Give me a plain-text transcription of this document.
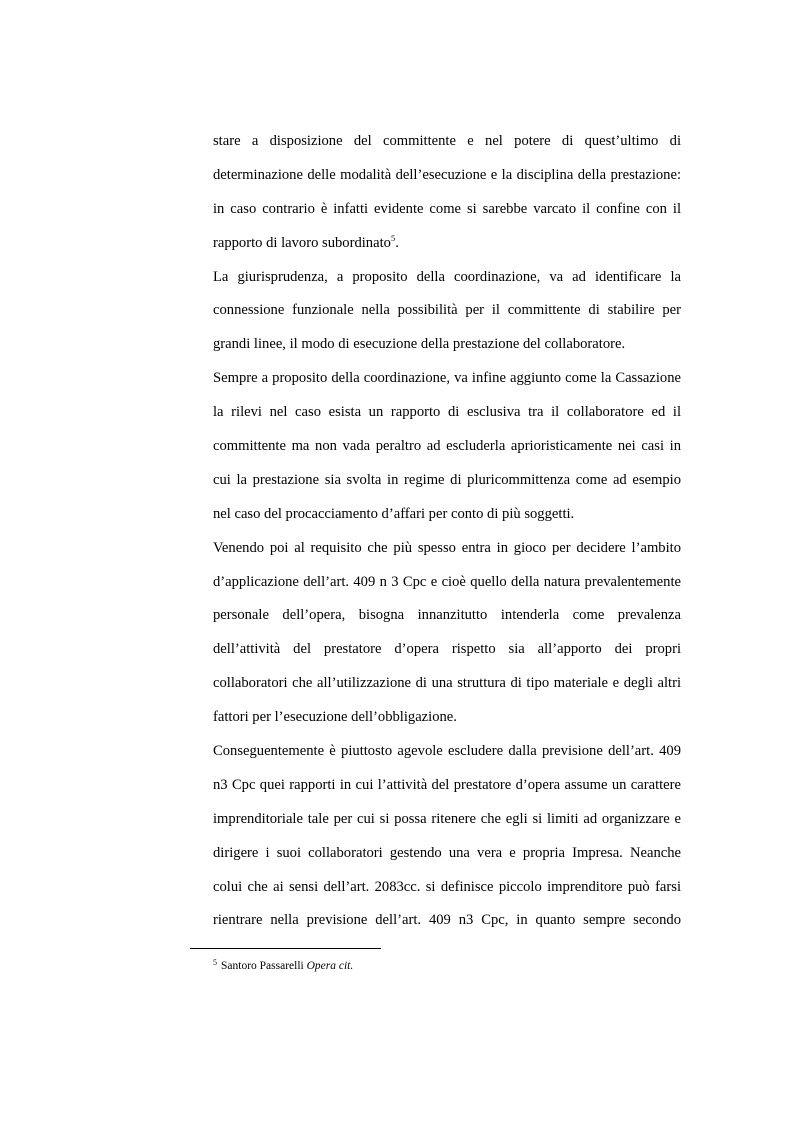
stare a disposizione del committente e nel potere di quest’ultimo di
determinazione delle modalità dell’esecuzione e la disciplina della prestazione:
in caso contrario è infatti evidente come si sarebbe varcato il confine con il
rapporto di lavoro subordinato$^5$.
La giurisprudenza, a proposito della coordinazione, va ad identificare la
connessione funzionale nella possibilità per il committente di stabilire per
grandi linee, il modo di esecuzione della prestazione del collaboratore.
Sempre a proposito della coordinazione, va infine aggiunto come la Cassazione
la rilevi nel caso esista un rapporto di esclusiva tra il collaboratore ed il
committente ma non vada peraltro ad escluderla aprioristicamente nei casi in
cui la prestazione sia svolta in regime di pluricommittenza come ad esempio
nel caso del procacciamento d’affari per conto di più soggetti.
Venendo poi al requisito che più spesso entra in gioco per decidere l’ambito
d’applicazione dell’art. 409 n 3 Cpc e cioè quello della natura prevalentemente
personale dell’opera, bisogna innanzitutto intenderla come prevalenza
dell’attività del prestatore d’opera rispetto sia all’apporto dei propri
collaboratori che all’utilizzazione di una struttura di tipo materiale e degli altri
fattori per l’esecuzione dell’obbligazione.
Conseguentemente è piuttosto agevole escludere dalla previsione dell’art. 409
n3 Cpc quei rapporti in cui l’attività del prestatore d’opera assume un carattere
imprenditoriale tale per cui si possa ritenere che egli si limiti ad organizzare e
dirigere i suoi collaboratori gestendo una vera e propria Impresa. Neanche
colui che ai sensi dell’art. 2083cc. si definisce piccolo imprenditore può farsi
rientrare nella previsione dell’art. 409 n3 Cpc, in quanto sempre secondo
$^5$ Santoro Passarelli Opera cit.
